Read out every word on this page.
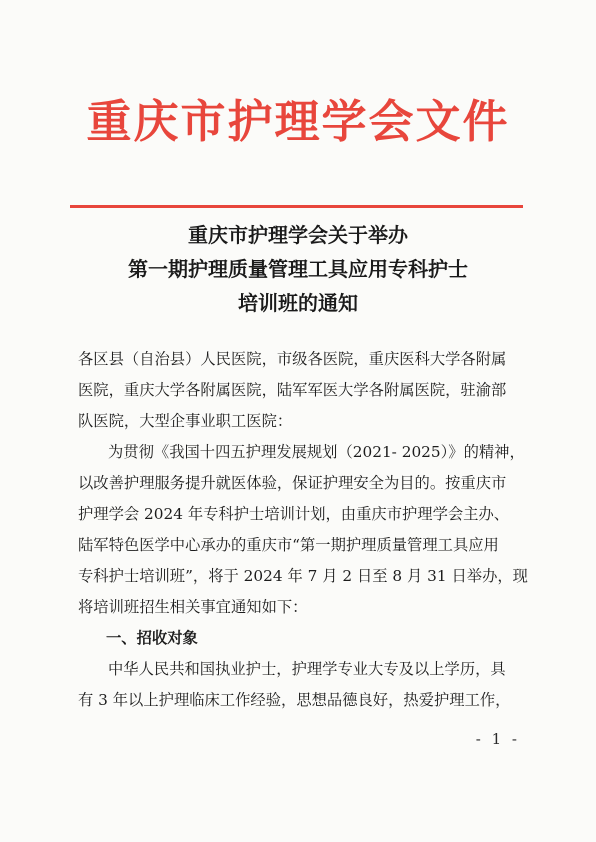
重庆市护理学会文件
重庆市护理学会关于举办
第一期护理质量管理工具应用专科护士
培训班的通知
各区县（自治县）人民医院，市级各医院，重庆医科大学各附属
医院，重庆大学各附属医院，陆军军医大学各附属医院，驻渝部
队医院，大型企事业职工医院：
为贯彻《我国十四五护理发展规划（2021- 2025）》的精神，
以改善护理服务提升就医体验，保证护理安全为目的。按重庆市
护理学会 2024 年专科护士培训计划，由重庆市护理学会主办、
陆军特色医学中心承办的重庆市“第一期护理质量管理工具应用
专科护士培训班”，将于 2024 年 7 月 2 日至 8 月 31 日举办，现
将培训班招生相关事宜通知如下：
一、招收对象
中华人民共和国执业护士，护理学专业大专及以上学历，具
有 3 年以上护理临床工作经验，思想品德良好，热爱护理工作，
- 1 -
